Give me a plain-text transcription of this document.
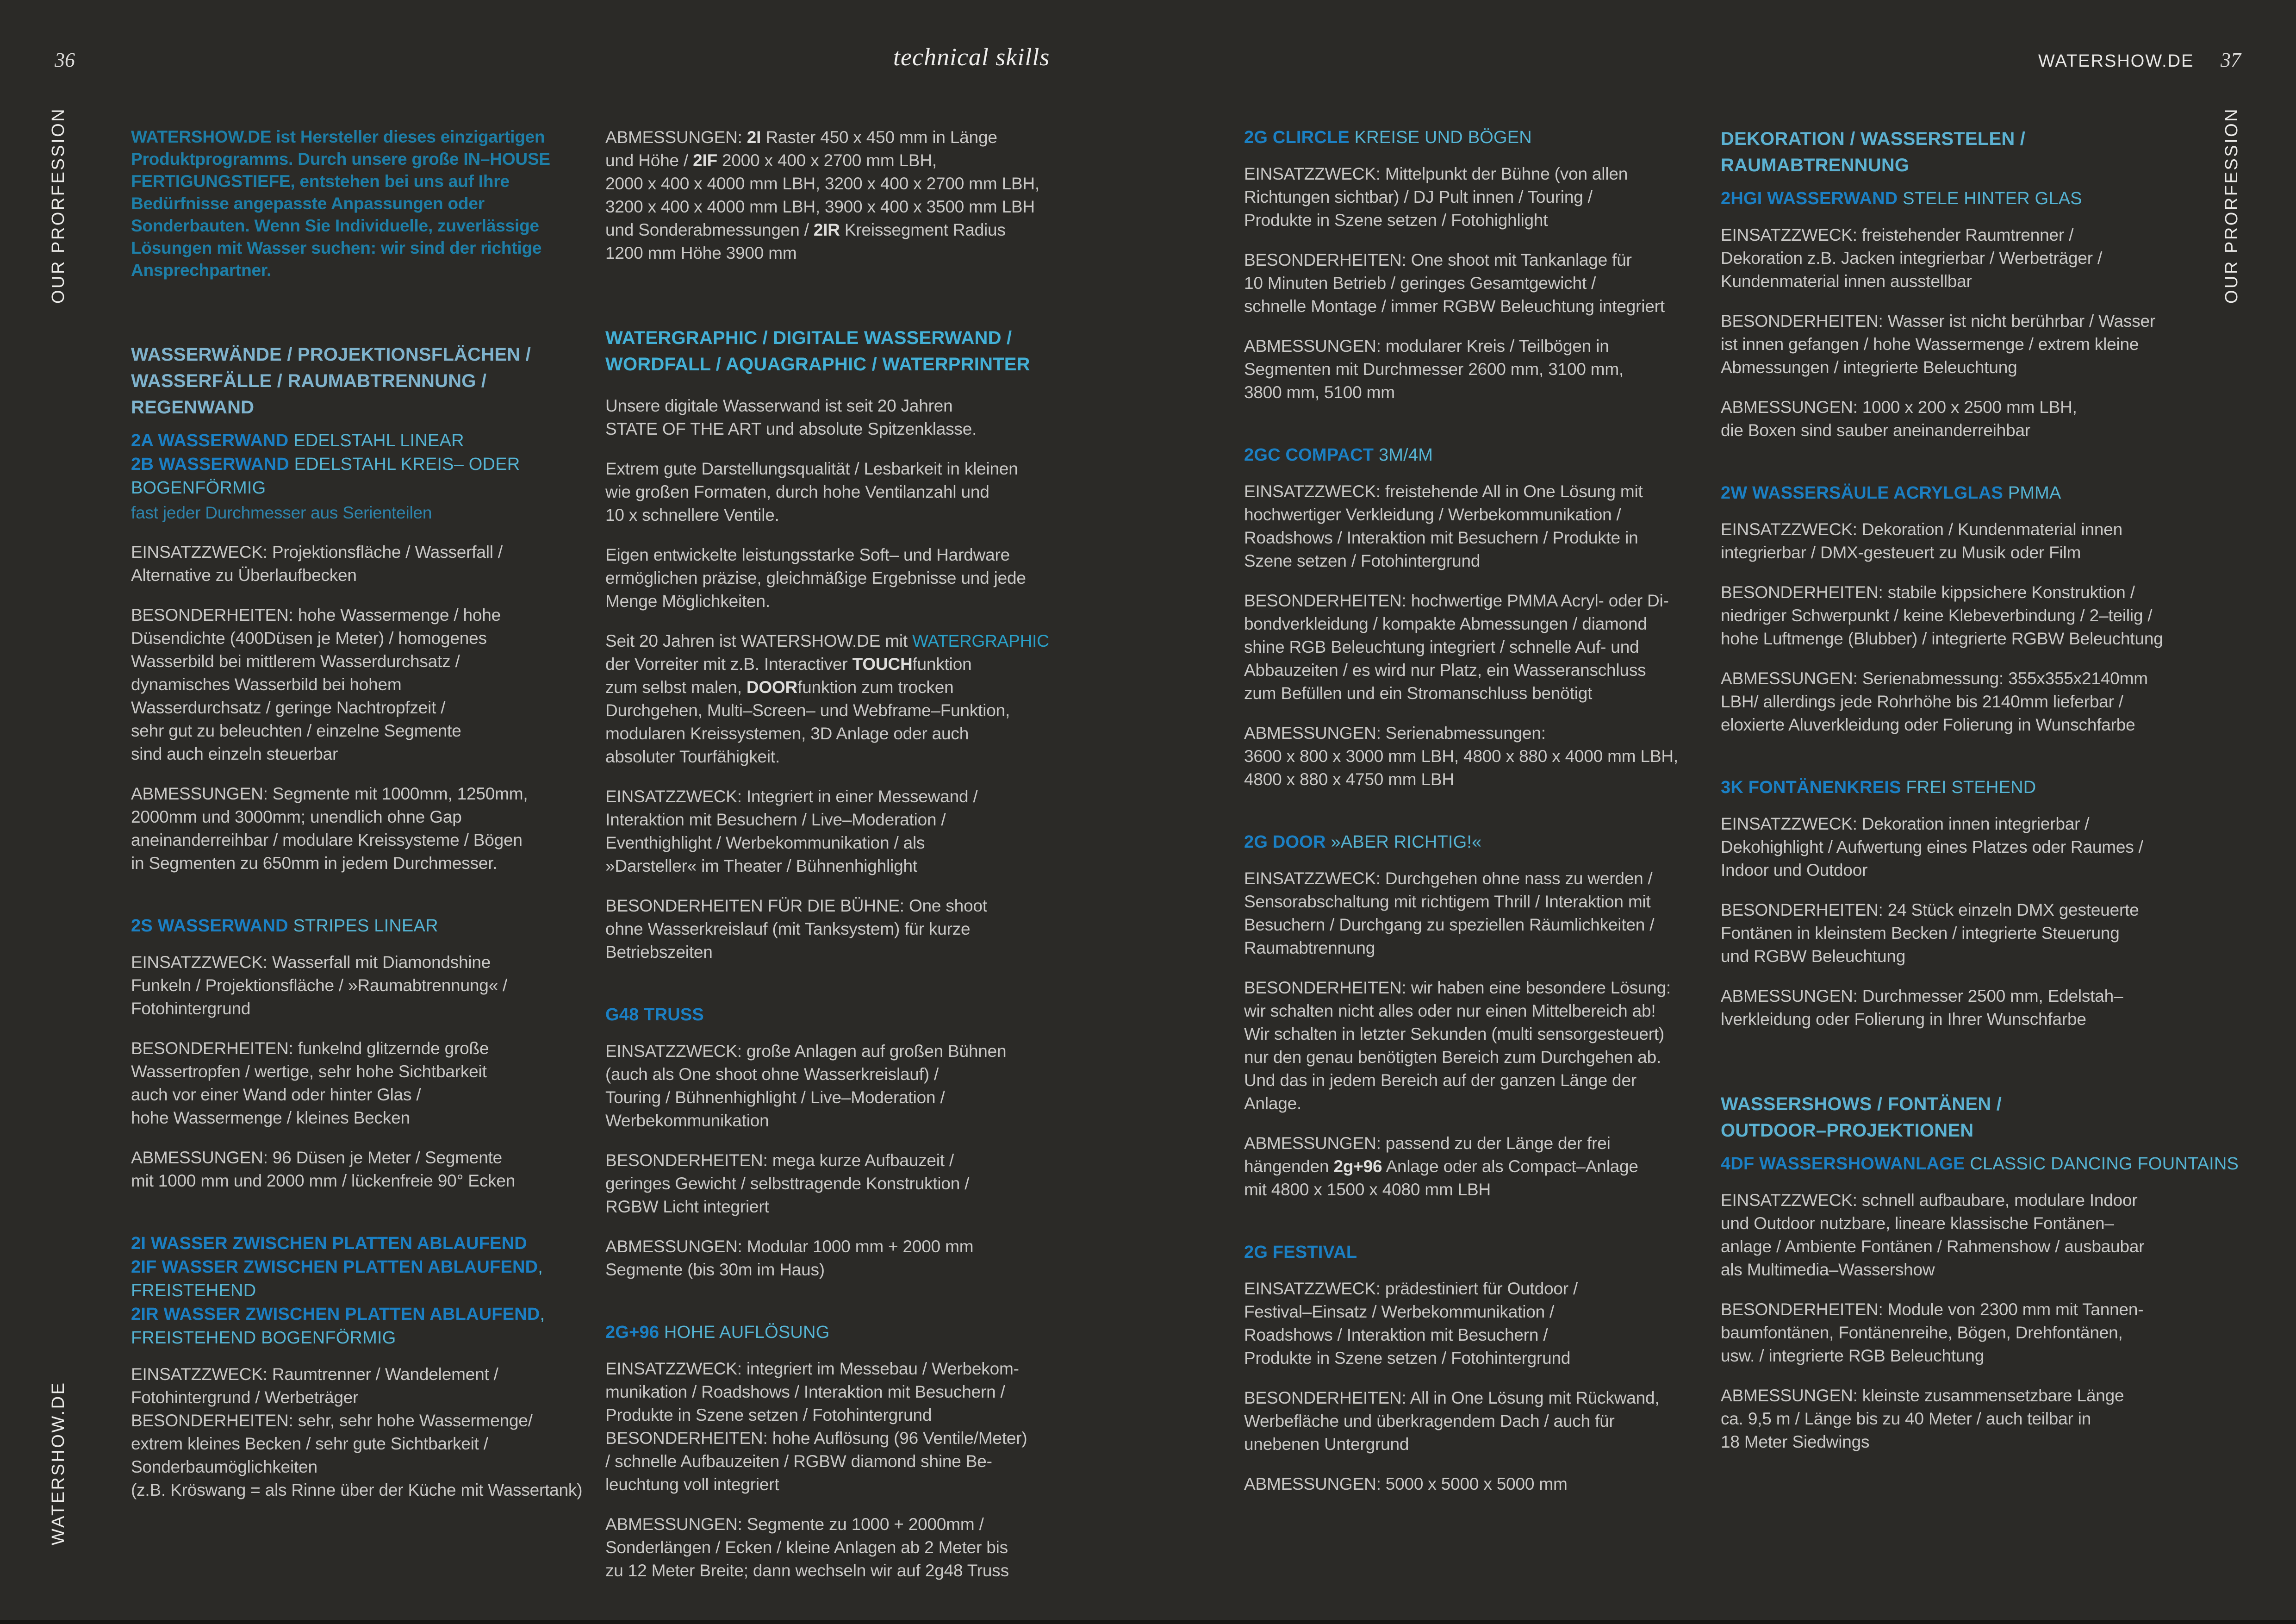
36	technical skills	WATERSHOW.DE 37
OUR PRORFESSION	OUR PRORFESSION
WATERSHOW.DE
WATERSHOW.DE ist Hersteller dieses einzigartigen
Produktprogramms. Durch unsere große IN–HOUSE
FERTIGUNGSTIEFE, entstehen bei uns auf Ihre
Bedürfnisse angepasste Anpassungen oder
Sonderbauten. Wenn Sie Individuelle, zuverlässige
Lösungen mit Wasser suchen: wir sind der richtige
Ansprechpartner.
WASSERWÄNDE / PROJEKTIONSFLÄCHEN /
WASSERFÄLLE / RAUMABTRENNUNG /
REGENWAND
2A WASSERWAND EDELSTAHL LINEAR
2B WASSERWAND EDELSTAHL KREIS– ODER
BOGENFÖRMIG
fast jeder Durchmesser aus Serienteilen
EINSATZZWECK: Projektionsfläche / Wasserfall /
Alternative zu Überlaufbecken
BESONDERHEITEN: hohe Wassermenge / hohe
Düsendichte (400Düsen je Meter) / homogenes
Wasserbild bei mittlerem Wasserdurchsatz /
dynamisches Wasserbild bei hohem
Wasserdurchsatz / geringe Nachtropfzeit /
sehr gut zu beleuchten / einzelne Segmente
sind auch einzeln steuerbar
ABMESSUNGEN: Segmente mit 1000mm, 1250mm,
2000mm und 3000mm; unendlich ohne Gap
aneinanderreihbar / modulare Kreissysteme / Bögen
in Segmenten zu 650mm in jedem Durchmesser.
2S WASSERWAND STRIPES LINEAR
EINSATZZWECK: Wasserfall mit Diamondshine
Funkeln / Projektionsfläche / »Raumabtrennung« /
Fotohintergrund
BESONDERHEITEN: funkelnd glitzernde große
Wassertropfen / wertige, sehr hohe Sichtbarkeit
auch vor einer Wand oder hinter Glas /
hohe Wassermenge / kleines Becken
ABMESSUNGEN: 96 Düsen je Meter / Segmente
mit 1000 mm und 2000 mm / lückenfreie 90° Ecken
2I WASSER ZWISCHEN PLATTEN ABLAUFEND
2IF WASSER ZWISCHEN PLATTEN ABLAUFEND,
FREISTEHEND
2IR WASSER ZWISCHEN PLATTEN ABLAUFEND,
FREISTEHEND BOGENFÖRMIG
EINSATZZWECK: Raumtrenner / Wandelement /
Fotohintergrund / Werbeträger
BESONDERHEITEN: sehr, sehr hohe Wassermenge/
extrem kleines Becken / sehr gute Sichtbarkeit /
Sonderbaumöglichkeiten
(z.B. Kröswang = als Rinne über der Küche mit Wassertank)
ABMESSUNGEN: 2I Raster 450 x 450 mm in Länge
und Höhe / 2IF 2000 x 400 x 2700 mm LBH,
2000 x 400 x 4000 mm LBH, 3200 x 400 x 2700 mm LBH,
3200 x 400 x 4000 mm LBH, 3900 x 400 x 3500 mm LBH
und Sonderabmessungen / 2IR Kreissegment Radius
1200 mm Höhe 3900 mm
WATERGRAPHIC / DIGITALE WASSERWAND /
WORDFALL / AQUAGRAPHIC / WATERPRINTER
Unsere digitale Wasserwand ist seit 20 Jahren
STATE OF THE ART und absolute Spitzenklasse.
Extrem gute Darstellungsqualität / Lesbarkeit in kleinen
wie großen Formaten, durch hohe Ventilanzahl und
10 x schnellere Ventile.
Eigen entwickelte leistungsstarke Soft– und Hardware
ermöglichen präzise, gleichmäßige Ergebnisse und jede
Menge Möglichkeiten.
Seit 20 Jahren ist WATERSHOW.DE mit WATERGRAPHIC
der Vorreiter mit z.B. Interactiver TOUCHfunktion
zum selbst malen, DOORfunktion zum trocken
Durchgehen, Multi–Screen– und Webframe–Funktion,
modularen Kreissystemen, 3D Anlage oder auch
absoluter Tourfähigkeit.
EINSATZZWECK: Integriert in einer Messewand /
Interaktion mit Besuchern / Live–Moderation /
Eventhighlight / Werbekommunikation / als
»Darsteller« im Theater / Bühnenhighlight
BESONDERHEITEN FÜR DIE BÜHNE: One shoot
ohne Wasserkreislauf (mit Tanksystem) für kurze
Betriebszeiten
G48 TRUSS
EINSATZZWECK: große Anlagen auf großen Bühnen
(auch als One shoot ohne Wasserkreislauf) /
Touring / Bühnenhighlight / Live–Moderation /
Werbekommunikation
BESONDERHEITEN: mega kurze Aufbauzeit /
geringes Gewicht / selbsttragende Konstruktion /
RGBW Licht integriert
ABMESSUNGEN: Modular 1000 mm + 2000 mm
Segmente (bis 30m im Haus)
2G+96 HOHE AUFLÖSUNG
EINSATZZWECK: integriert im Messebau / Werbekom-
munikation / Roadshows / Interaktion mit Besuchern /
Produkte in Szene setzen / Fotohintergrund
BESONDERHEITEN: hohe Auflösung (96 Ventile/Meter)
/ schnelle Aufbauzeiten / RGBW diamond shine Be-
leuchtung voll integriert
ABMESSUNGEN: Segmente zu 1000 + 2000mm /
Sonderlängen / Ecken / kleine Anlagen ab 2 Meter bis
zu 12 Meter Breite; dann wechseln wir auf 2g48 Truss
2G CLIRCLE KREISE UND BÖGEN
EINSATZZWECK: Mittelpunkt der Bühne (von allen
Richtungen sichtbar) / DJ Pult innen / Touring /
Produkte in Szene setzen / Fotohighlight
BESONDERHEITEN: One shoot mit Tankanlage für
10 Minuten Betrieb / geringes Gesamtgewicht /
schnelle Montage / immer RGBW Beleuchtung integriert
ABMESSUNGEN: modularer Kreis / Teilbögen in
Segmenten mit Durchmesser 2600 mm, 3100 mm,
3800 mm, 5100 mm
2GC COMPACT 3M/4M
EINSATZZWECK: freistehende All in One Lösung mit
hochwertiger Verkleidung / Werbekommunikation /
Roadshows / Interaktion mit Besuchern / Produkte in
Szene setzen / Fotohintergrund
BESONDERHEITEN: hochwertige PMMA Acryl- oder Di-
bondverkleidung / kompakte Abmessungen / diamond
shine RGB Beleuchtung integriert / schnelle Auf- und
Abbauzeiten / es wird nur Platz, ein Wasseranschluss
zum Befüllen und ein Stromanschluss benötigt
ABMESSUNGEN: Serienabmessungen:
3600 x 800 x 3000 mm LBH, 4800 x 880 x 4000 mm LBH,
4800 x 880 x 4750 mm LBH
2G DOOR »ABER RICHTIG!«
EINSATZZWECK: Durchgehen ohne nass zu werden /
Sensorabschaltung mit richtigem Thrill / Interaktion mit
Besuchern / Durchgang zu speziellen Räumlichkeiten /
Raumabtrennung
BESONDERHEITEN: wir haben eine besondere Lösung:
wir schalten nicht alles oder nur einen Mittelbereich ab!
Wir schalten in letzter Sekunden (multi sensorgesteuert)
nur den genau benötigten Bereich zum Durchgehen ab.
Und das in jedem Bereich auf der ganzen Länge der
Anlage.
ABMESSUNGEN: passend zu der Länge der frei
hängenden 2g+96 Anlage oder als Compact–Anlage
mit 4800 x 1500 x 4080 mm LBH
2G FESTIVAL
EINSATZZWECK: prädestiniert für Outdoor /
Festival–Einsatz / Werbekommunikation /
Roadshows / Interaktion mit Besuchern /
Produkte in Szene setzen / Fotohintergrund
BESONDERHEITEN: All in One Lösung mit Rückwand,
Werbefläche und überkragendem Dach / auch für
unebenen Untergrund
ABMESSUNGEN: 5000 x 5000 x 5000 mm
DEKORATION / WASSERSTELEN /
RAUMABTRENNUNG
2HGI WASSERWAND STELE HINTER GLAS
EINSATZZWECK: freistehender Raumtrenner /
Dekoration z.B. Jacken integrierbar / Werbeträger /
Kundenmaterial innen ausstellbar
BESONDERHEITEN: Wasser ist nicht berührbar / Wasser
ist innen gefangen / hohe Wassermenge / extrem kleine
Abmessungen / integrierte Beleuchtung
ABMESSUNGEN: 1000 x 200 x 2500 mm LBH,
die Boxen sind sauber aneinanderreihbar
2W WASSERSÄULE ACRYLGLAS PMMA
EINSATZZWECK: Dekoration / Kundenmaterial innen
integrierbar / DMX-gesteuert zu Musik oder Film
BESONDERHEITEN: stabile kippsichere Konstruktion /
niedriger Schwerpunkt / keine Klebeverbindung / 2–teilig /
hohe Luftmenge (Blubber) / integrierte RGBW Beleuchtung
ABMESSUNGEN: Serienabmessung: 355x355x2140mm
LBH/ allerdings jede Rohrhöhe bis 2140mm lieferbar /
eloxierte Aluverkleidung oder Folierung in Wunschfarbe
3K FONTÄNENKREIS FREI STEHEND
EINSATZZWECK: Dekoration innen integrierbar /
Dekohighlight / Aufwertung eines Platzes oder Raumes /
Indoor und Outdoor
BESONDERHEITEN: 24 Stück einzeln DMX gesteuerte
Fontänen in kleinstem Becken / integrierte Steuerung
und RGBW Beleuchtung
ABMESSUNGEN: Durchmesser 2500 mm, Edelstah–
lverkleidung oder Folierung in Ihrer Wunschfarbe
WASSERSHOWS / FONTÄNEN /
OUTDOOR–PROJEKTIONEN
4DF WASSERSHOWANLAGE CLASSIC DANCING FOUNTAINS
EINSATZZWECK: schnell aufbaubare, modulare Indoor
und Outdoor nutzbare, lineare klassische Fontänen–
anlage / Ambiente Fontänen / Rahmenshow / ausbaubar
als Multimedia–Wassershow
BESONDERHEITEN: Module von 2300 mm mit Tannen-
baumfontänen, Fontänenreihe, Bögen, Drehfontänen,
usw. / integrierte RGB Beleuchtung
ABMESSUNGEN: kleinste zusammensetzbare Länge
ca. 9,5 m / Länge bis zu 40 Meter / auch teilbar in
18 Meter Siedwings
